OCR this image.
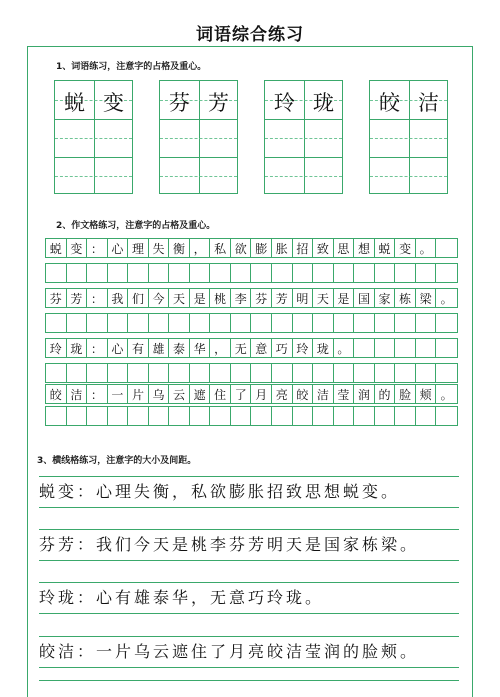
词语综合练习
1、词语练习，注意字的占格及重心。
蜕 变	芬 芳	玲 珑	皎 洁
2、作文格练习，注意字的占格及重心。
蜕 变 ： 心 理 失 衡 ， 私 欲 膨 胀 招 致 思 想 蜕 变 。
芬 芳 ： 我 们 今 天 是 桃 李 芬 芳 明 天 是 国 家 栋 梁 。
玲 珑 ： 心 有 雄 泰 华 ， 无 意 巧 玲 珑 。
皎 洁 ： 一 片 乌 云 遮 住 了 月 亮 皎 洁 莹 润 的 脸 颊 。
3、横线格练习，注意字的大小及间距。
蜕变：心理失衡，私欲膨胀招致思想蜕变。
芬芳：我们今天是桃李芬芳明天是国家栋梁。
玲珑：心有雄泰华，无意巧玲珑。
皎洁：一片乌云遮住了月亮皎洁莹润的脸颊。
